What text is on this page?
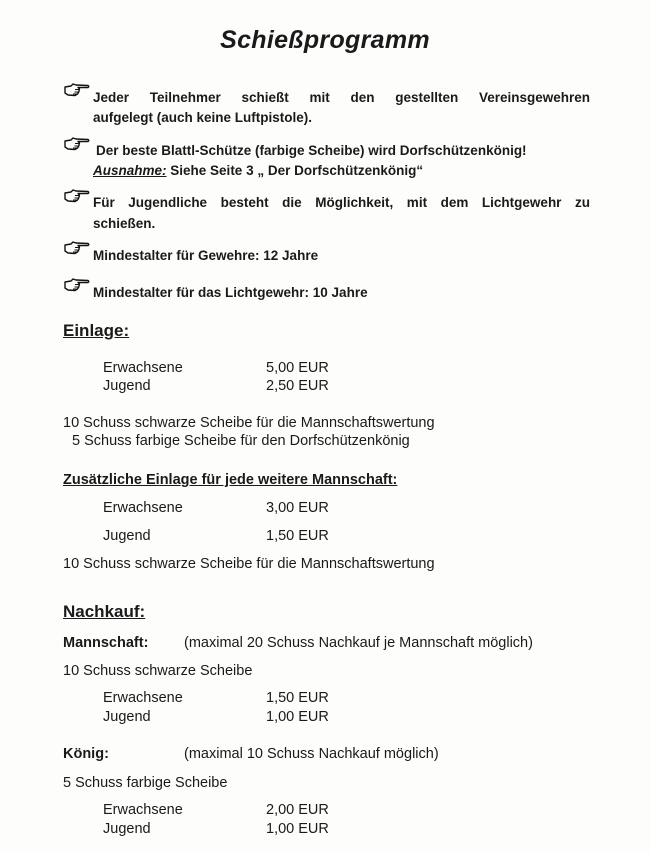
Schießprogramm
Jeder Teilnehmer schießt mit den gestellten Vereinsgewehren
aufgelegt (auch keine Luftpistole).
Der beste Blattl-Schütze (farbige Scheibe) wird Dorfschützenkönig!
Ausnahme: Siehe Seite 3 „ Der Dorfschützenkönig“
Für Jugendliche besteht die Möglichkeit, mit dem Lichtgewehr zu
schießen.
Mindestalter für Gewehre: 12 Jahre
Mindestalter für das Lichtgewehr: 10 Jahre
Einlage:
Erwachsene	5,00 EUR
Jugend	2,50 EUR
10 Schuss schwarze Scheibe für die Mannschaftswertung
5 Schuss farbige Scheibe für den Dorfschützenkönig
Zusätzliche Einlage für jede weitere Mannschaft:
Erwachsene	3,00 EUR
Jugend	1,50 EUR
10 Schuss schwarze Scheibe für die Mannschaftswertung
Nachkauf:
Mannschaft: (maximal 20 Schuss Nachkauf je Mannschaft möglich)
10 Schuss schwarze Scheibe
Erwachsene	1,50 EUR
Jugend	1,00 EUR
König:	(maximal 10 Schuss Nachkauf möglich)
5 Schuss farbige Scheibe
Erwachsene	2,00 EUR
Jugend	1,00 EUR
